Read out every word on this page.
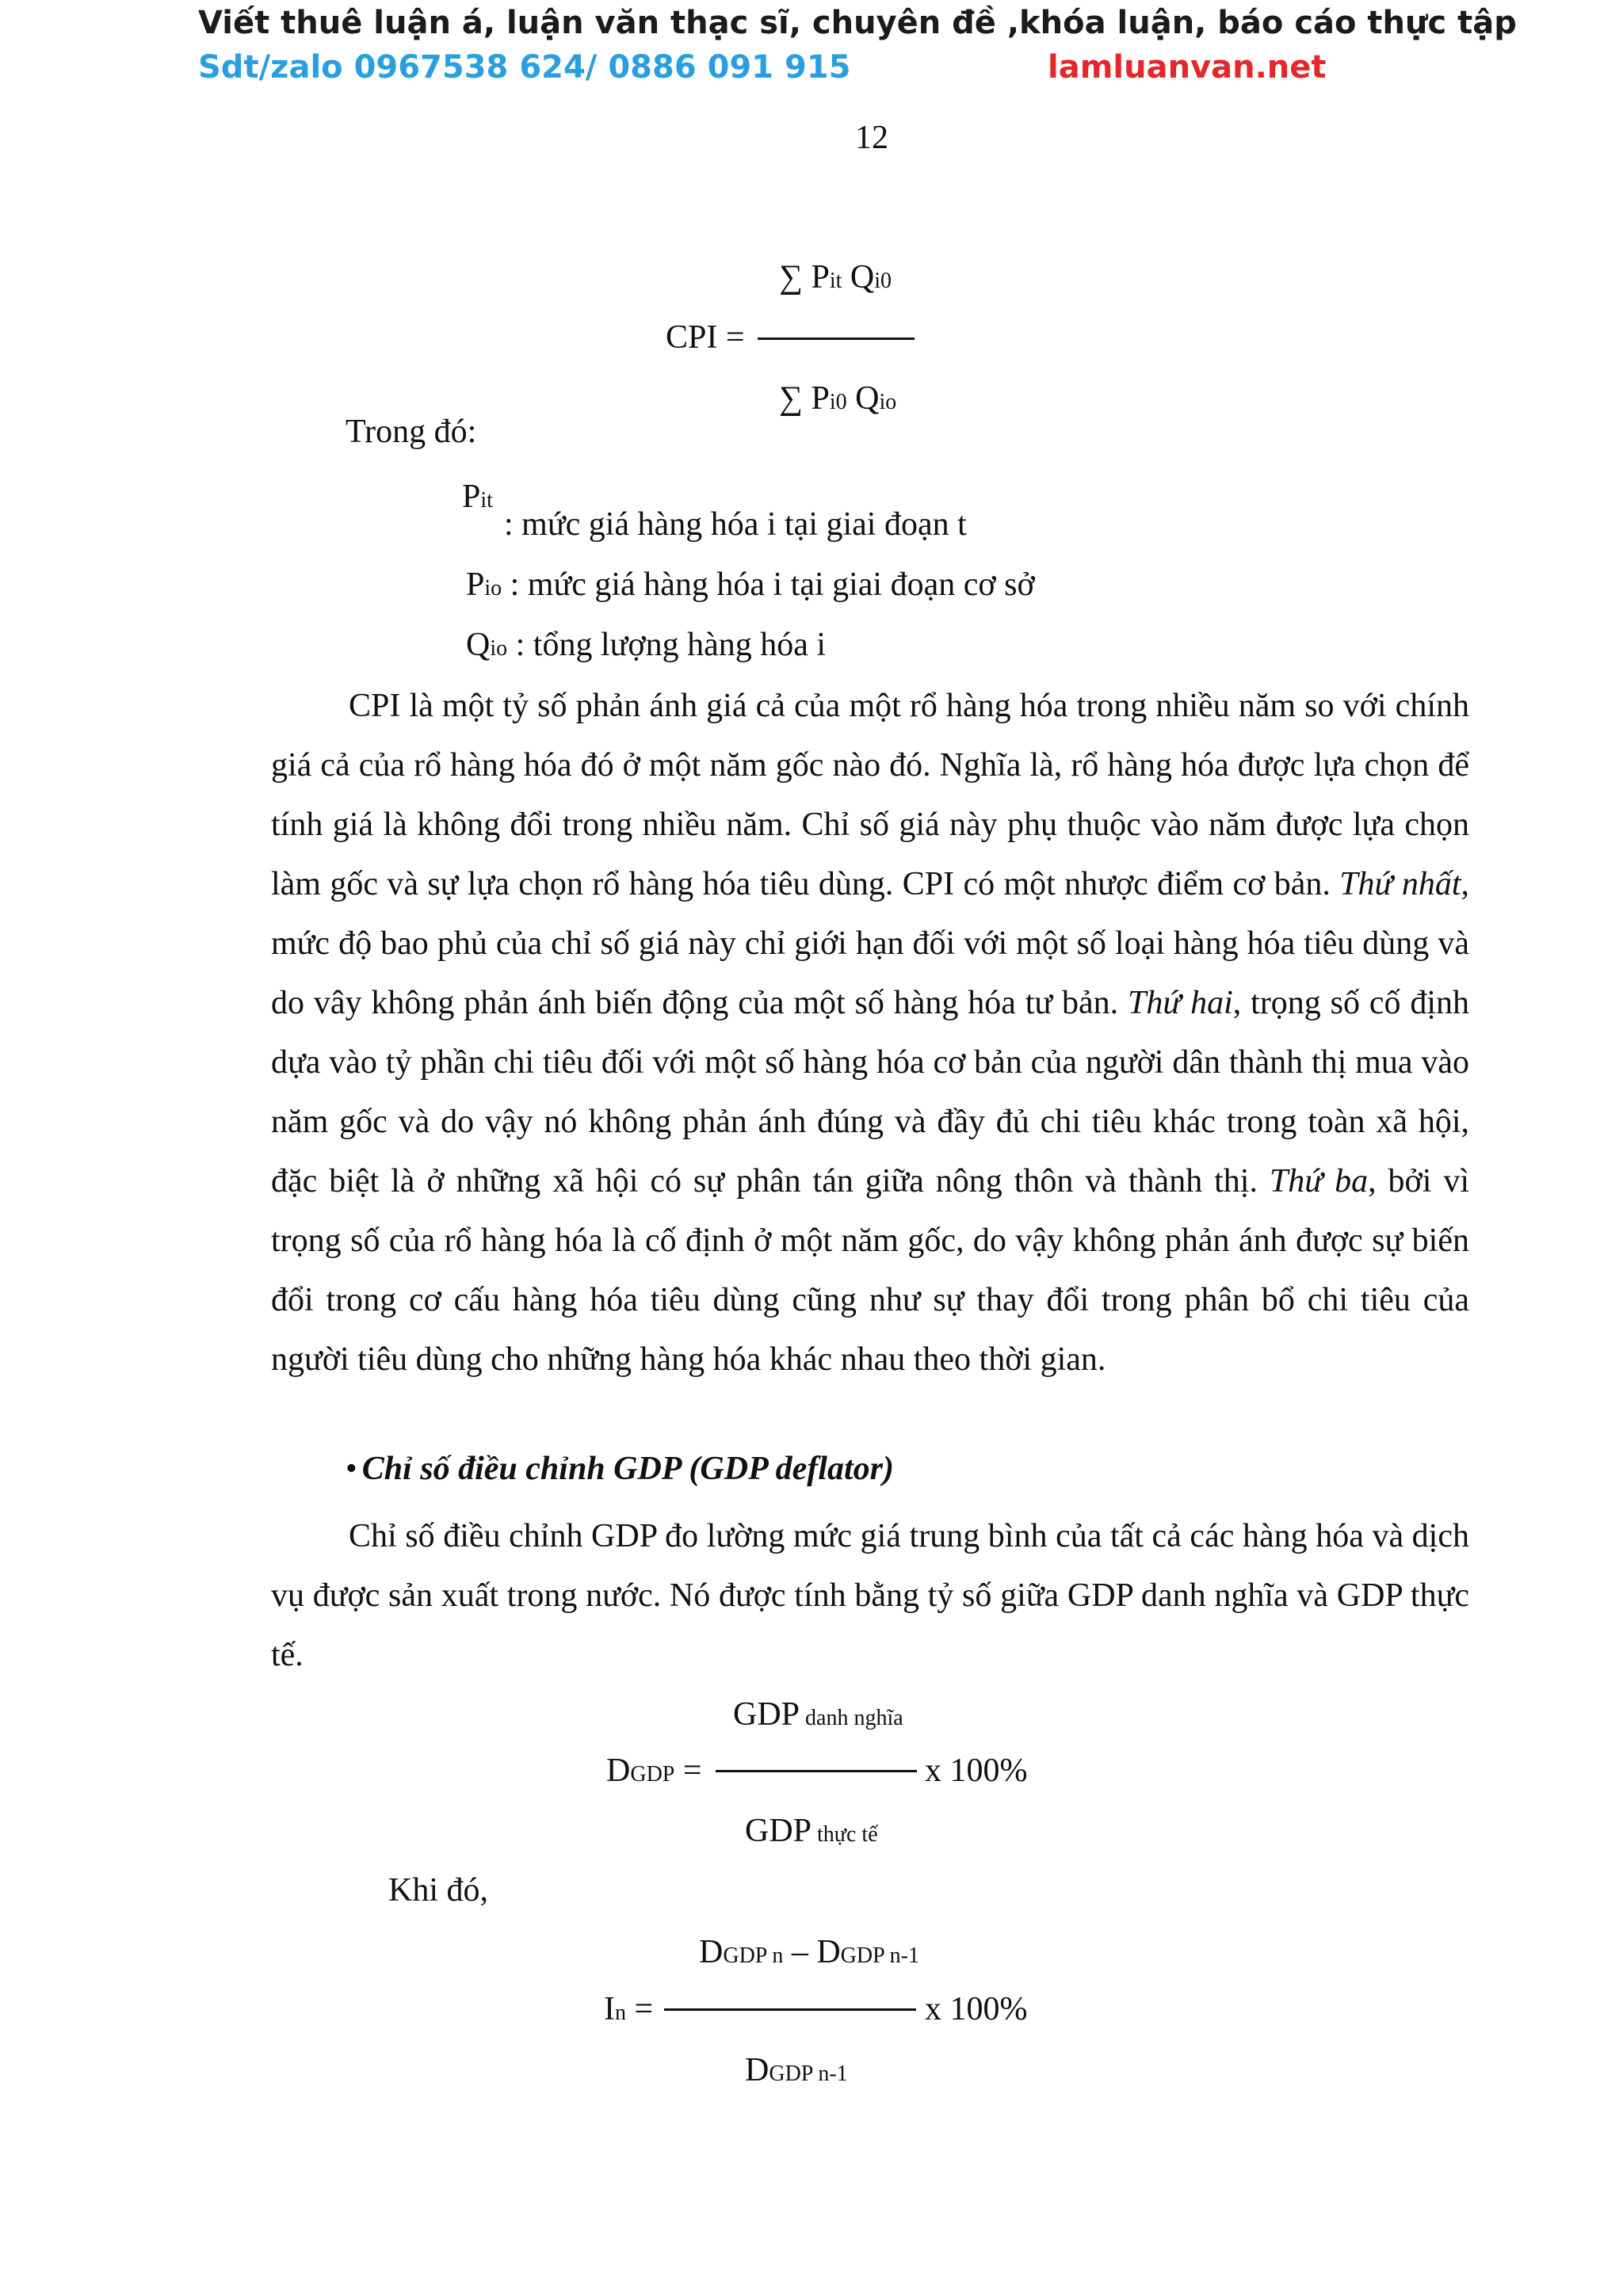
Viết thuê luận á, luận văn thạc sĩ, chuyên đề ,khóa luận, báo cáo thực tập
Sdt/zalo 0967538 624/ 0886 091 915	lamluanvan.net
12
∑ Pit Qi0
CPI =
∑ Pi0 Qio
Trong đó:
Pit
: mức giá hàng hóa i tại giai đoạn t
Pio : mức giá hàng hóa i tại giai đoạn cơ sở
Qio : tổng lượng hàng hóa i

CPI là một tỷ số phản ánh giá cả của một rổ hàng hóa trong nhiều năm so với chính giá cả của rổ hàng hóa đó ở một năm gốc nào đó. Nghĩa là, rổ hàng hóa được lựa chọn để tính giá là không đổi trong nhiều năm. Chỉ số giá này phụ thuộc vào năm được lựa chọn làm gốc và sự lựa chọn rổ hàng hóa tiêu dùng. CPI có một nhược điểm cơ bản. Thứ nhất, mức độ bao phủ của chỉ số giá này chỉ giới hạn đối với một số loại hàng hóa tiêu dùng và do vây không phản ánh biến động của một số hàng hóa tư bản. Thứ hai, trọng số cố định dựa vào tỷ phần chi tiêu đối với một số hàng hóa cơ bản của người dân thành thị mua vào năm gốc và do vậy nó không phản ánh đúng và đầy đủ chi tiêu khác trong toàn xã hội, đặc biệt là ở những xã hội có sự phân tán giữa nông thôn và thành thị. Thứ ba, bởi vì trọng số của rổ hàng hóa là cố định ở một năm gốc, do vậy không phản ánh được sự biến đổi trong cơ cấu hàng hóa tiêu dùng cũng như sự thay đổi trong phân bổ chi tiêu của người tiêu dùng cho những hàng hóa khác nhau theo thời gian.

• Chỉ số điều chỉnh GDP (GDP deflator)

Chỉ số điều chỉnh GDP đo lường mức giá trung bình của tất cả các hàng hóa và dịch vụ được sản xuất trong nước. Nó được tính bằng tỷ số giữa GDP danh nghĩa và GDP thực tế.

GDP danh nghĩa
DGDP =	x 100%
GDP thực tế
Khi đó,
DGDP n – DGDP n-1
In =	x 100%
DGDP n-1
